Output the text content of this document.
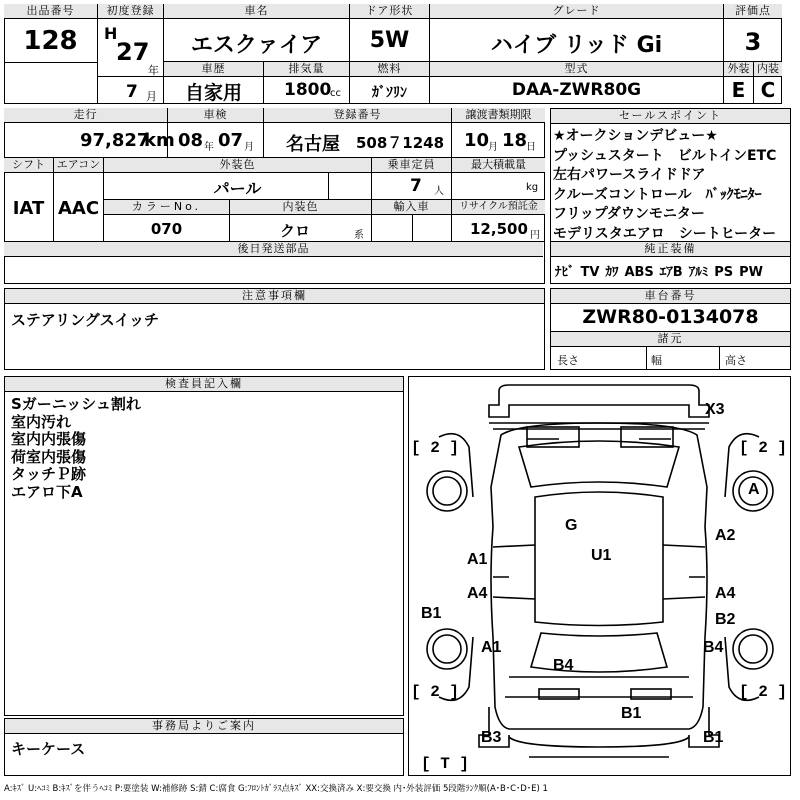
出品番号
128
初度登録
H
27
年
7 月
車名
エスクァイア
ドア形状
5W
グレード
ハイブ リッド Gi
評価点
3
車歴
自家用
排気量
1800
cc
燃料
ｶﾞｿﾘﾝ
型式
DAA-ZWR80G
外装
E
内装
C
走行
97,827
km
車検
08 年 07 月
登録番号
名古屋 508７1248
譲渡書類期限
10
月 18
日
シフト
IAT
エアコン
AAC
外装色
パール
乗車定員
7 人
最大積載量
kg
カラーNo.
070
内装色
クロ	系
輸入車	リサイクル預託金
12,500 円
後日発送部品
セールスポイント
★オークションデビュー★
プッシュスタート　ビルトインETC
左右パワースライドドア
クルーズコントロール　ﾊﾞｯｸﾓﾆﾀｰ
フリップダウンモニター
モデリスタエアロ　シートヒーター
純正装備
ﾅﾋﾞ TV ｶﾜ ABS ｴｱB ｱﾙﾐ PS PW
注意事項欄
ステアリングスイッチ
車台番号
ZWR80-0134078
諸元
長さ	幅	高さ
検査員記入欄
Sガーニッシュ割れ
室内汚れ
室内内張傷
荷室内張傷
タッチＰ跡
エアロ下A
事務局よりご案内
キーケース
X3
[ 2 ]	[ 2 ]
A
G
U1
A1
A2
A4	A4
B1	B2
A1	B4
B4
[ 2 ]	[ 2 ]
B1
B3	B1
[ T ]
A:ｷｽﾞ U:ﾍｺﾐ B:ｷｽﾞを伴うﾍｺﾐ P:要塗装 W:補修跡 S:錆 C:腐食 G:ﾌﾛﾝﾄｶﾞﾗｽ点ｷｽﾞ XX:交換済み X:要交換 内･外装評価 5段階ﾗﾝｸ順(A･B･C･D･E) 1
